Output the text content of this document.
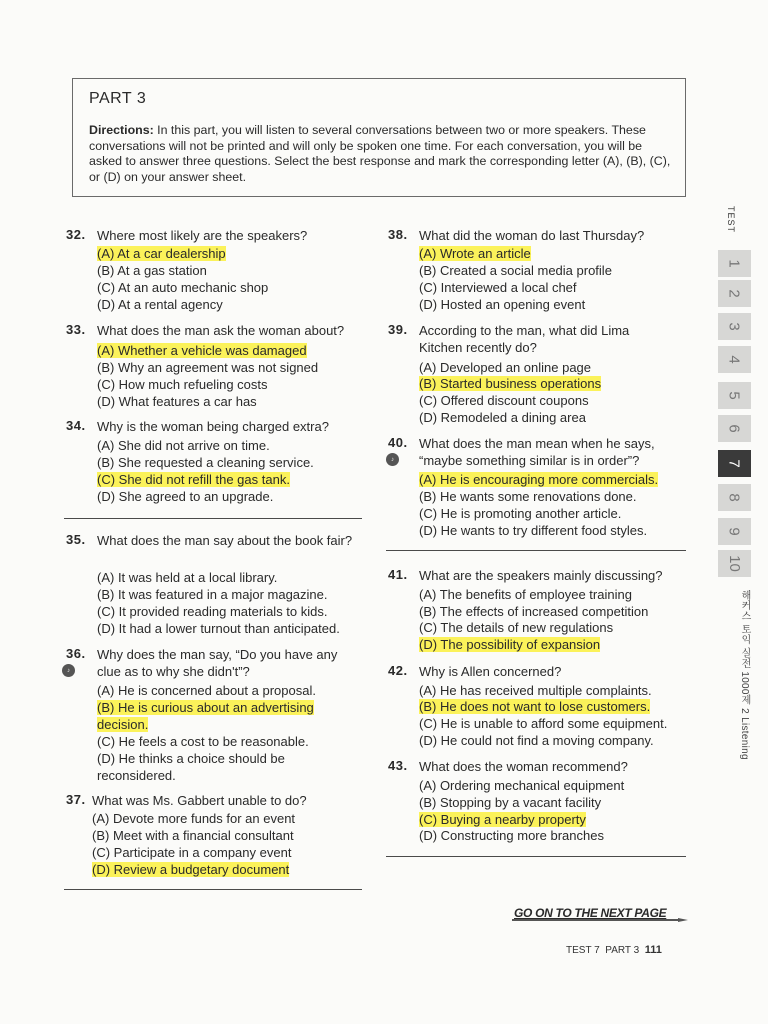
PART 3
Directions: In this part, you will listen to several conversations between two or more speakers. These conversations will not be printed and will only be spoken one time. For each conversation, you will be asked to answer three questions. Select the best response and mark the corresponding letter (A), (B), (C), or (D) on your answer sheet.
32. Where most likely are the speakers?
(A) At a car dealership
(B) At a gas station
(C) At an auto mechanic shop
(D) At a rental agency
33. What does the man ask the woman about?
(A) Whether a vehicle was damaged
(B) Why an agreement was not signed
(C) How much refueling costs
(D) What features a car has
34. Why is the woman being charged extra?
(A) She did not arrive on time.
(B) She requested a cleaning service.
(C) She did not refill the gas tank.
(D) She agreed to an upgrade.
35. What does the man say about the book fair?
(A) It was held at a local library.
(B) It was featured in a major magazine.
(C) It provided reading materials to kids.
(D) It had a lower turnout than anticipated.
36.
♪
Why does the man say, “Do you have any clue as to why she didn't”?
(A) He is concerned about a proposal.
(B) He is curious about an advertising decision.
(C) He feels a cost to be reasonable.
(D) He thinks a choice should be reconsidered.
37. What was Ms. Gabbert unable to do?
(A) Devote more funds for an event
(B) Meet with a financial consultant
(C) Participate in a company event
(D) Review a budgetary document
38. What did the woman do last Thursday?
(A) Wrote an article
(B) Created a social media profile
(C) Interviewed a local chef
(D) Hosted an opening event
39. According to the man, what did Lima Kitchen recently do?
(A) Developed an online page
(B) Started business operations
(C) Offered discount coupons
(D) Remodeled a dining area
40.
♪
What does the man mean when he says, “maybe something similar is in order”?
(A) He is encouraging more commercials.
(B) He wants some renovations done.
(C) He is promoting another article.
(D) He wants to try different food styles.
41. What are the speakers mainly discussing?
(A) The benefits of employee training
(B) The effects of increased competition
(C) The details of new regulations
(D) The possibility of expansion
42. Why is Allen concerned?
(A) He has received multiple complaints.
(B) He does not want to lose customers.
(C) He is unable to afford some equipment.
(D) He could not find a moving company.
43. What does the woman recommend?
(A) Ordering mechanical equipment
(B) Stopping by a vacant facility
(C) Buying a nearby property
(D) Constructing more branches
TEST
1
2
3
4
5
6
7
8
9
10
해커스 토익 실전 1000제 2 Listening
GO ON TO THE NEXT PAGE
TEST 7 PART 3 111
